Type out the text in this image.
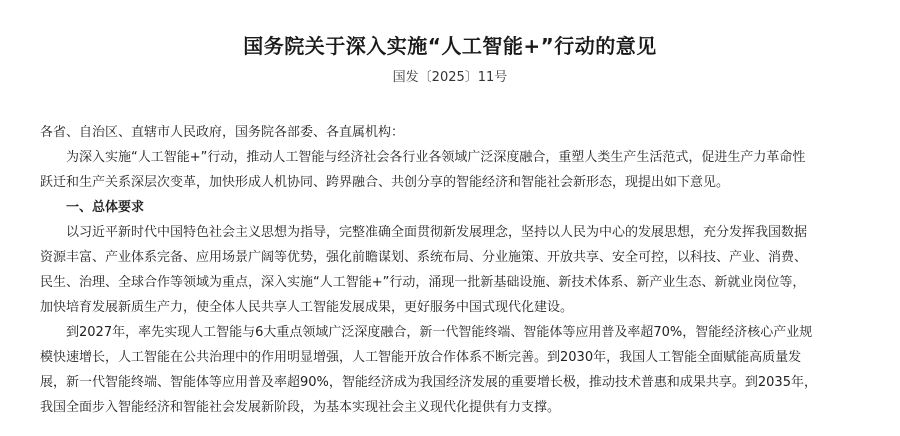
国务院关于深入实施“人工智能+”行动的意见
国发〔2025〕11号

各省、自治区、直辖市人民政府，国务院各部委、各直属机构：

为深入实施“人工智能+”行动，推动人工智能与经济社会各行业各领域广泛深度融合，重塑人类生产生活范式，促进生产力革命性
跃迁和生产关系深层次变革，加快形成人机协同、跨界融合、共创分享的智能经济和智能社会新形态，现提出如下意见。

一、总体要求

以习近平新时代中国特色社会主义思想为指导，完整准确全面贯彻新发展理念，坚持以人民为中心的发展思想，充分发挥我国数据
资源丰富、产业体系完备、应用场景广阔等优势，强化前瞻谋划、系统布局、分业施策、开放共享、安全可控，以科技、产业、消费、
民生、治理、全球合作等领域为重点，深入实施“人工智能+”行动，涌现一批新基础设施、新技术体系、新产业生态、新就业岗位等，
加快培育发展新质生产力，使全体人民共享人工智能发展成果，更好服务中国式现代化建设。

到2027年，率先实现人工智能与6大重点领域广泛深度融合，新一代智能终端、智能体等应用普及率超70%，智能经济核心产业规
模快速增长，人工智能在公共治理中的作用明显增强，人工智能开放合作体系不断完善。到2030年，我国人工智能全面赋能高质量发
展，新一代智能终端、智能体等应用普及率超90%，智能经济成为我国经济发展的重要增长极，推动技术普惠和成果共享。到2035年，
我国全面步入智能经济和智能社会发展新阶段，为基本实现社会主义现代化提供有力支撑。
